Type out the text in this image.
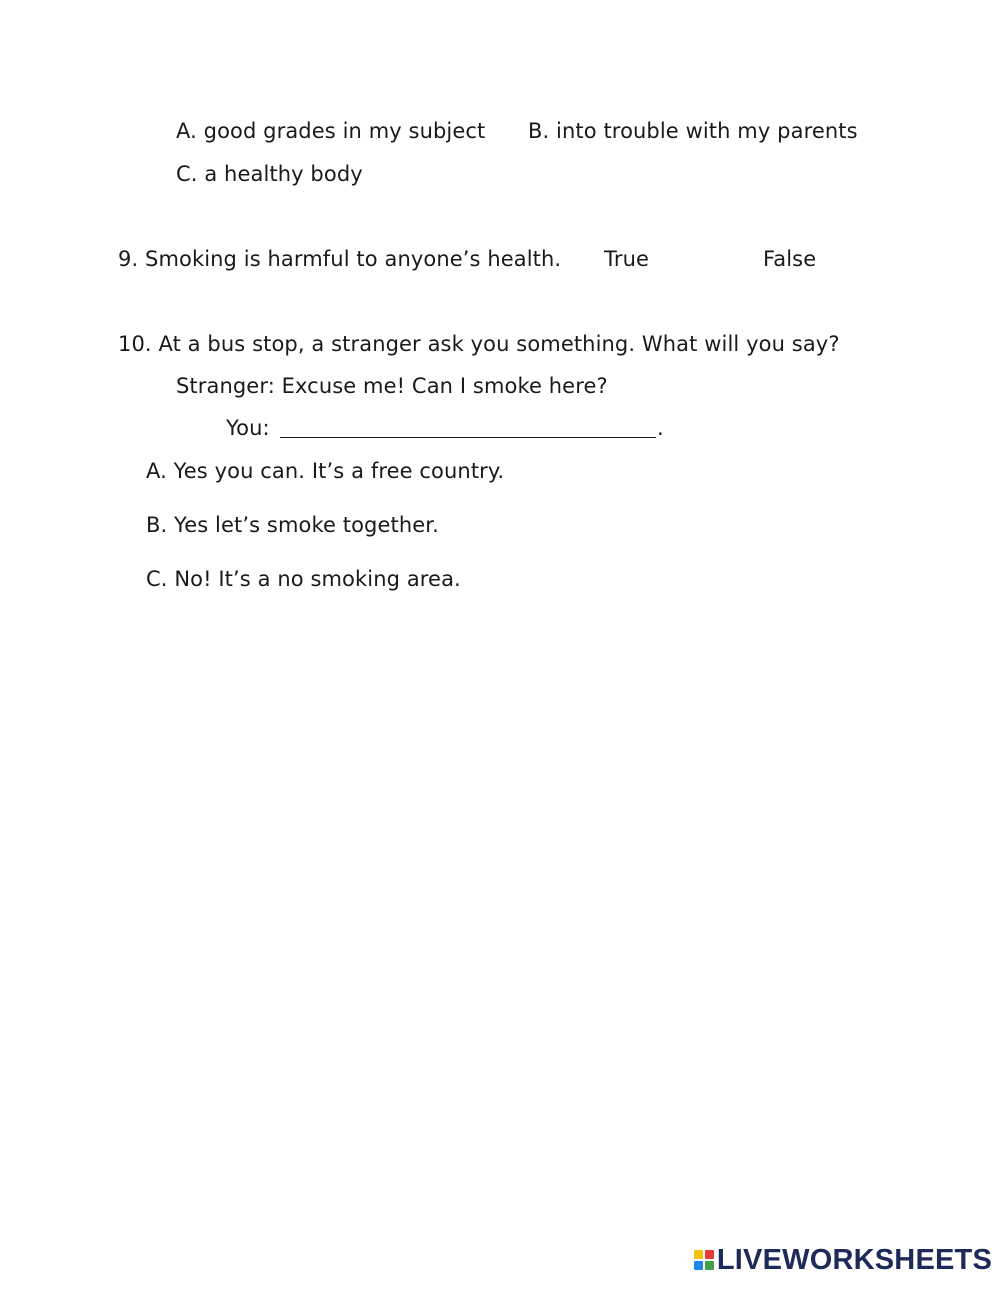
A. good grades in my subject B. into trouble with my parents
C. a healthy body
9. Smoking is harmful to anyone’s health. True	False
10. At a bus stop, a stranger ask you something. What will you say?
Stranger: Excuse me! Can I smoke here?
You:	.
A. Yes you can. It’s a free country.
B. Yes let’s smoke together.
C. No! It’s a no smoking area.
LIVEWORKSHEETS
